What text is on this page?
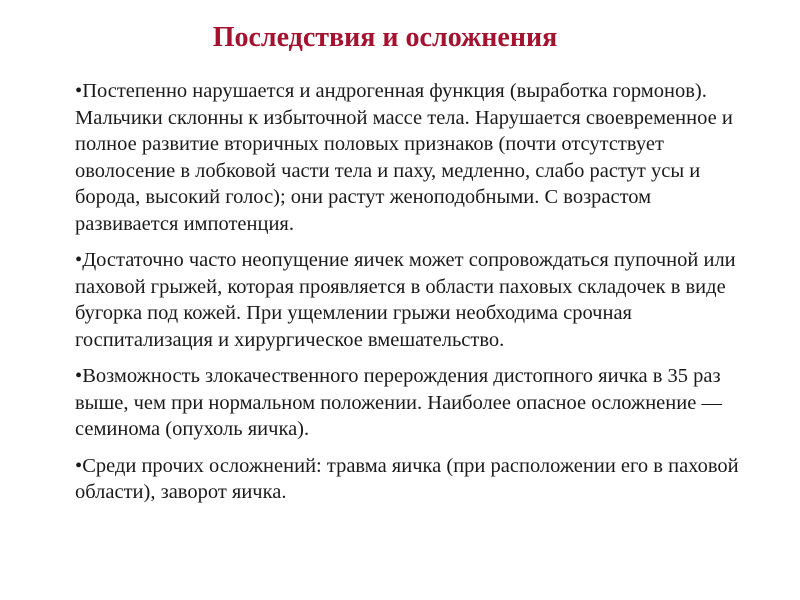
Последствия и осложнения

•Постепенно нарушается и андрогенная функция (выработка гормонов). Мальчики склонны к избыточной массе тела. Нарушается своевременное и полное развитие вторичных половых признаков (почти отсутствует оволосение в лобковой части тела и паху, медленно, слабо растут усы и борода, высокий голос); они растут женоподобными. С возрастом развивается импотенция.

•Достаточно часто неопущение яичек может сопровождаться пупочной или паховой грыжей, которая проявляется в области паховых складочек в виде бугорка под кожей. При ущемлении грыжи необходима срочная госпитализация и хирургическое вмешательство.

•Возможность злокачественного перерождения дистопного яичка в 35 раз выше, чем при нормальном положении. Наиболее опасное осложнение — семинома (опухоль яичка).

•Среди прочих осложнений: травма яичка (при расположении его в паховой области), заворот яичка.
